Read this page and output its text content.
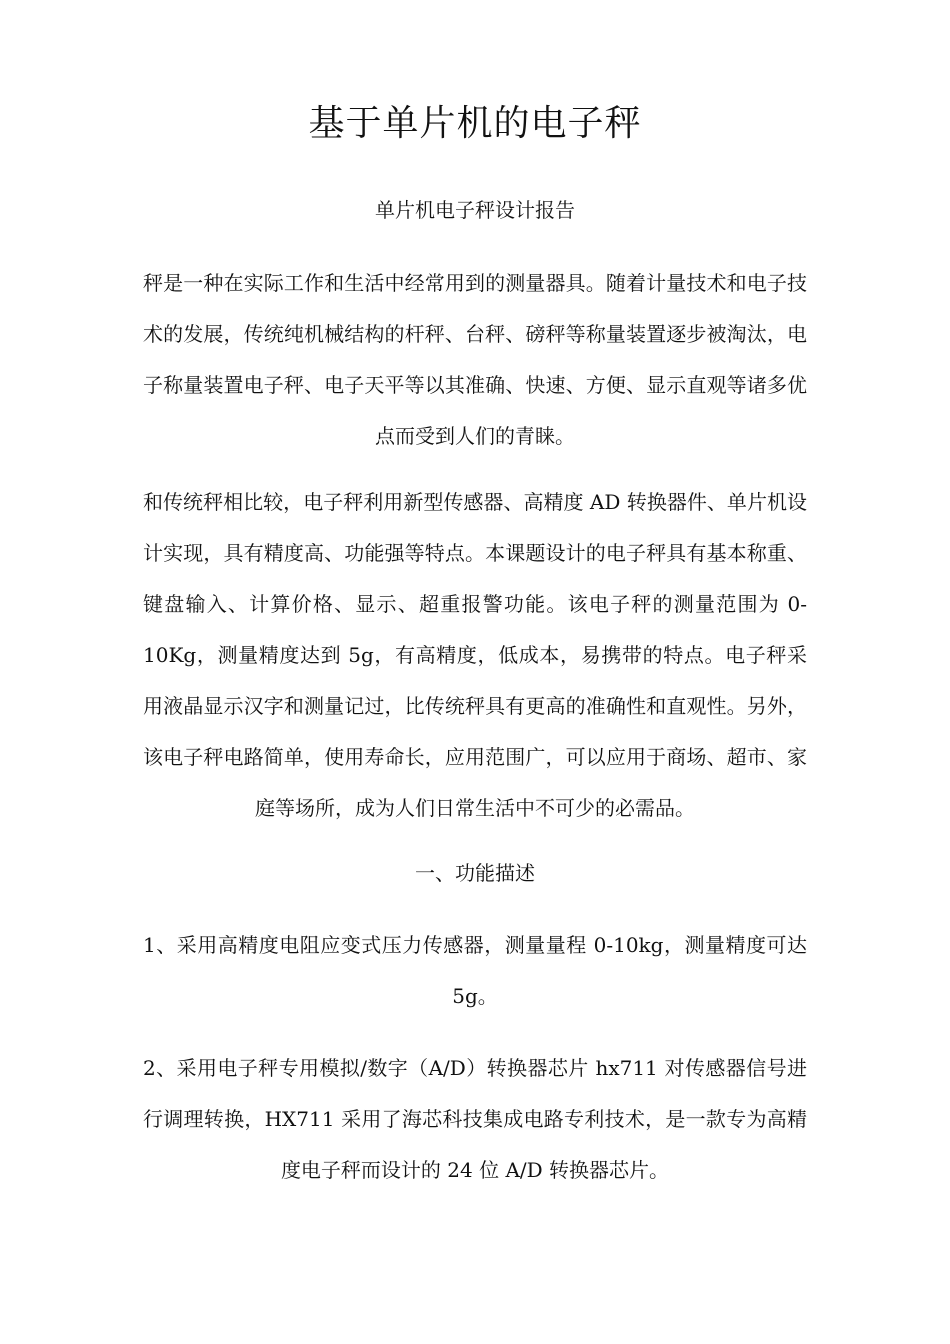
基于单片机的电子秤
单片机电子秤设计报告
秤是一种在实际工作和生活中经常用到的测量器具。随着计量技术和电子技术的发展，传统纯机械结构的杆秤、台秤、磅秤等称量装置逐步被淘汰，电子称量装置电子秤、电子天平等以其准确、快速、方便、显示直观等诸多优点而受到人们的青睐。
和传统秤相比较，电子秤利用新型传感器、高精度 AD 转换器件、单片机设计实现，具有精度高、功能强等特点。本课题设计的电子秤具有基本称重、键盘输入、计算价格、显示、超重报警功能。该电子秤的测量范围为 0-10Kg，测量精度达到 5g，有高精度，低成本，易携带的特点。电子秤采用液晶显示汉字和测量记过，比传统秤具有更高的准确性和直观性。另外，该电子秤电路简单，使用寿命长，应用范围广，可以应用于商场、超市、家庭等场所，成为人们日常生活中不可少的必需品。
一、功能描述
1、采用高精度电阻应变式压力传感器，测量量程 0-10kg，测量精度可达 5g。
2、采用电子秤专用模拟/数字（A/D）转换器芯片 hx711 对传感器信号进行调理转换，HX711 采用了海芯科技集成电路专利技术，是一款专为高精度电子秤而设计的 24 位 A/D 转换器芯片。
